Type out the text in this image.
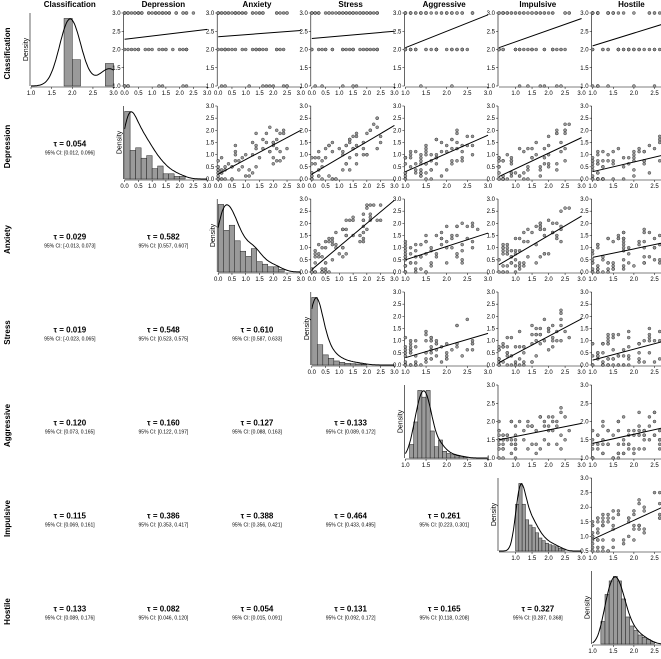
Classification
Classification
Depression
Depression
Anxiety
Anxiety
Stress
Stress
Aggressive
Aggressive
Impulsive
Impulsive
Hostile
Hostile
τ = 0.054
95% CI: [0.012, 0.096]
τ = 0.029
95% CI: [-0.013, 0.073]
τ = 0.582
95% CI: [0.557, 0.607]
τ = 0.019
95% CI: [-0.023, 0.065]
τ = 0.548
95% CI: [0.523, 0.575]
τ = 0.610
95% CI: [0.587, 0.633]
τ = 0.120
95% CI: [0.073, 0.165]
τ = 0.160
95% CI: [0.122, 0.197]
τ = 0.127
95% CI: [0.088, 0.163]
τ = 0.133
95% CI: [0.089, 0.172]
τ = 0.115
95% CI: [0.069, 0.161]
τ = 0.386
95% CI: [0.353, 0.417]
τ = 0.388
95% CI: [0.356, 0.421]
τ = 0.464
95% CI: [0.433, 0.495]
τ = 0.261
95% CI: [0.223, 0.301]
τ = 0.133
95% CI: [0.089, 0.176]
τ = 0.082
95% CI: [0.046, 0.120]
τ = 0.054
95% CI: [0.015, 0.091]
τ = 0.131
95% CI: [0.092, 0.172]
τ = 0.165
95% CI: [0.118, 0.208]
τ = 0.327
95% CI: [0.287, 0.368]
1.0 1.5 2.0 2.5 3.0
Density
0.0 0.5 1.0 1.5 2.0 2.5 3.0
Density
0.0 0.5 1.0 1.5 2.0 2.5 3.0
Density
0.0 0.5 1.0 1.5 2.0 2.5 3.0
Density
1.0 1.5 2.0 2.5 3.0
Density
1.0 1.5 2.0 2.5 3.0
Density
1.0 1.5 2.0 2.5
Density
0.0 0.5 1.0 1.5 2.0 2.5 3.0
1.0
1.5
2.0
2.5
3.0
0.0 0.5 1.0 1.5 2.0 2.5 3.0
1.0
1.5
2.0
2.5
3.0
0.0 0.5 1.0 1.5 2.0 2.5 3.0
1.0
1.5
2.0
2.5
3.0
1.0 1.5 2.0 2.5 3.0
1.0
1.5
2.0
2.5
3.0
1.0 1.5 2.0 2.5 3.0
1.0
1.5
2.0
2.5
3.0
1.0 1.5 2.0 2.5
1.0
1.5
2.0
2.5
3.0
0.0 0.5 1.0 1.5 2.0 2.5 3.0
0.0
0.5
1.0
1.5
2.0
2.5
3.0
0.0 0.5 1.0 1.5 2.0 2.5 3.0
0.0
0.5
1.0
1.5
2.0
2.5
3.0
1.0 1.5 2.0 2.5 3.0
0.0
0.5
1.0
1.5
2.0
2.5
3.0
1.0 1.5 2.0 2.5 3.0
0.0
0.5
1.0
1.5
2.0
2.5
3.0
1.0 1.5 2.0 2.5
0.0
0.5
1.0
1.5
2.0
2.5
3.0
0.0 0.5 1.0 1.5 2.0 2.5 3.0
0.0
0.5
1.0
1.5
2.0
2.5
3.0
1.0 1.5 2.0 2.5 3.0
0.0
0.5
1.0
1.5
2.0
2.5
3.0
1.0 1.5 2.0 2.5 3.0
0.0
0.5
1.0
1.5
2.0
2.5
3.0
1.0 1.5 2.0 2.5
0.0
0.5
1.0
1.5
2.0
2.5
3.0
1.0 1.5 2.0 2.5 3.0
0.0
0.5
1.0
1.5
2.0
2.5
3.0
1.0 1.5 2.0 2.5 3.0
0.0
0.5
1.0
1.5
2.0
2.5
3.0
1.0 1.5 2.0 2.5
0.0
0.5
1.0
1.5
2.0
2.5
3.0
1.0 1.5 2.0 2.5 3.0
1.0
1.5
2.0
2.5
3.0
1.0 1.5 2.0 2.5
1.0
1.5
2.0
2.5
3.0
1.0 1.5 2.0 2.5
0.5
1.0
1.5
2.0
2.5
3.0
